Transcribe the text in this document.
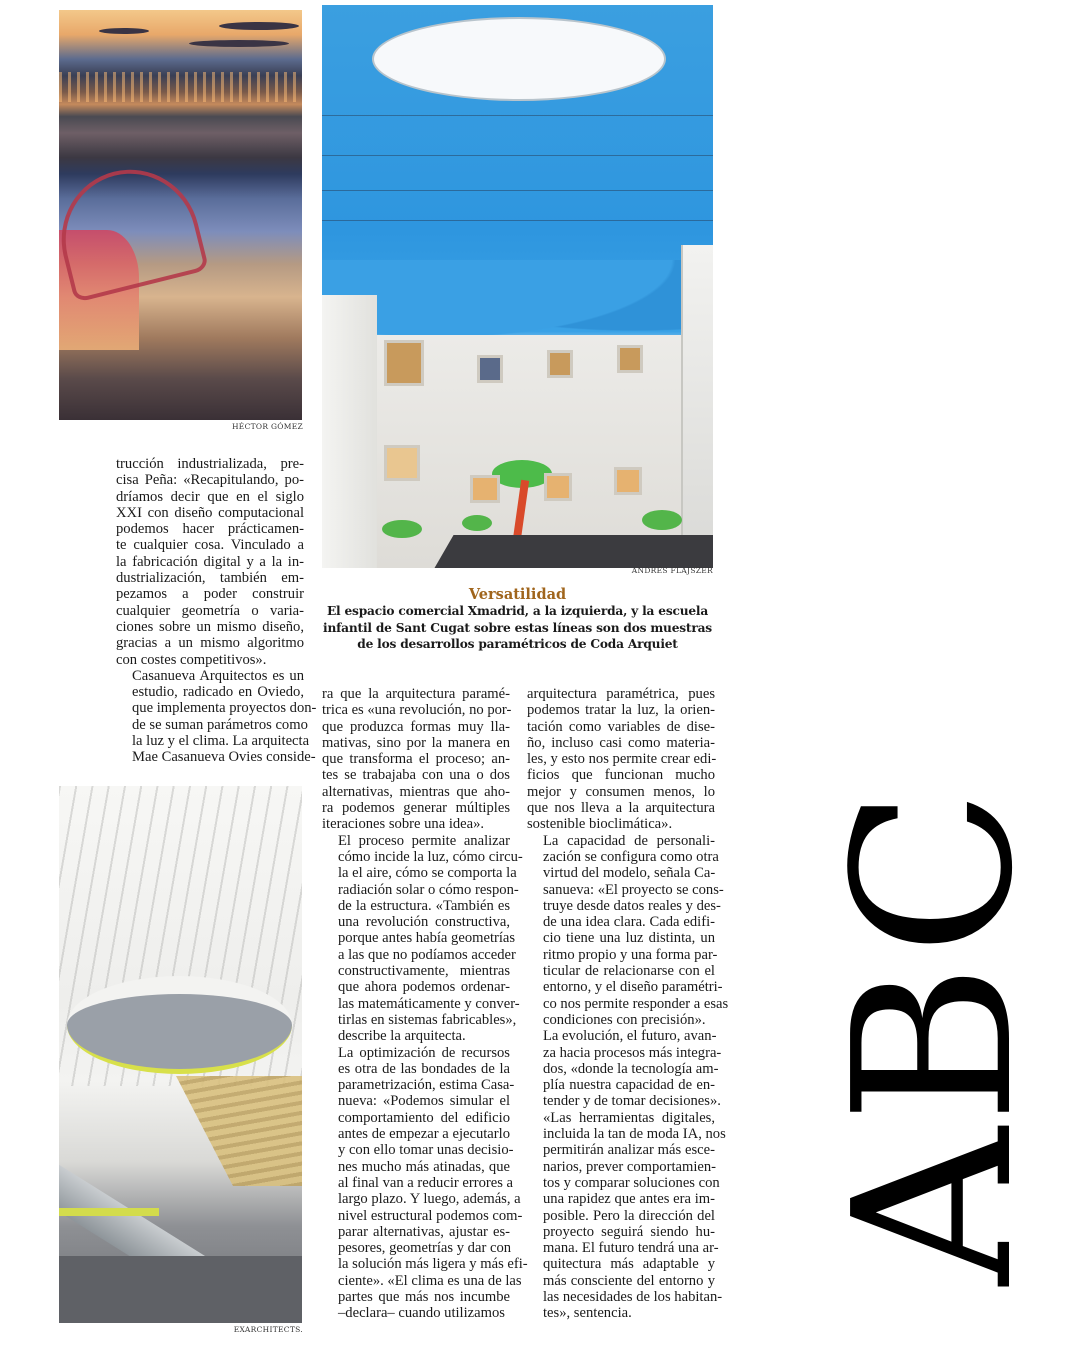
HÉCTOR GÓMEZ
ANDRÉS FLAJSZER
Versatilidad
El espacio comercial Xmadrid, a la izquierda, y la escuela
infantil de Sant Cugat sobre estas líneas son dos muestras
de los desarrollos paramétricos de Coda Arquiet
EXARCHITECTS.

trucción industrializada, pre-
cisa Peña: «Recapitulando, po-
dríamos decir que en el siglo
XXI con diseño computacional
podemos hacer prácticamen-
te cualquier cosa. Vinculado a
la fabricación digital y a la in-
dustrialización, también em-
pezamos a poder construir
cualquier geometría o varia-
ciones sobre un mismo diseño,
gracias a un mismo algoritmo
con costes competitivos».

Casanueva Arquitectos es un
estudio, radicado en Oviedo,
que implementa proyectos don-
de se suman parámetros como
la luz y el clima. La arquitecta
Mae Casanueva Ovies conside-

ra que la arquitectura paramé-
trica es «una revolución, no por-
que produzca formas muy lla-
mativas, sino por la manera en
que transforma el proceso; an-
tes se trabajaba con una o dos
alternativas, mientras que aho-
ra podemos generar múltiples
iteraciones sobre una idea».

El proceso permite analizar
cómo incide la luz, cómo circu-
la el aire, cómo se comporta la
radiación solar o cómo respon-
de la estructura. «También es
una revolución constructiva,
porque antes había geometrías
a las que no podíamos acceder
constructivamente, mientras
que ahora podemos ordenar-
las matemáticamente y conver-
tirlas en sistemas fabricables»,
describe la arquitecta.

La optimización de recursos
es otra de las bondades de la
parametrización, estima Casa-
nueva: «Podemos simular el
comportamiento del edificio
antes de empezar a ejecutarlo
y con ello tomar unas decisio-
nes mucho más atinadas, que
al final van a reducir errores a
largo plazo. Y luego, además, a
nivel estructural podemos com-
parar alternativas, ajustar es-
pesores, geometrías y dar con
la solución más ligera y más efi-
ciente». «El clima es una de las
partes que más nos incumbe
–declara– cuando utilizamos

arquitectura paramétrica, pues
podemos tratar la luz, la orien-
tación como variables de dise-
ño, incluso casi como materia-
les, y esto nos permite crear edi-
ficios que funcionan mucho
mejor y consumen menos, lo
que nos lleva a la arquitectura
sostenible bioclimática».

La capacidad de personali-
zación se configura como otra
virtud del modelo, señala Ca-
sanueva: «El proyecto se cons-
truye desde datos reales y des-
de una idea clara. Cada edifi-
cio tiene una luz distinta, un
ritmo propio y una forma par-
ticular de relacionarse con el
entorno, y el diseño paramétri-
co nos permite responder a esas
condiciones con precisión».

La evolución, el futuro, avan-
za hacia procesos más integra-
dos, «donde la tecnología am-
plía nuestra capacidad de en-
tender y de tomar decisiones».
«Las herramientas digitales,
incluida la tan de moda IA, nos
permitirán analizar más esce-
narios, prever comportamien-
tos y comparar soluciones con
una rapidez que antes era im-
posible. Pero la dirección del
proyecto seguirá siendo hu-
mana. El futuro tendrá una ar-
quitectura más adaptable y
más consciente del entorno y
las necesidades de los habitan-
tes», sentencia.

ABC
